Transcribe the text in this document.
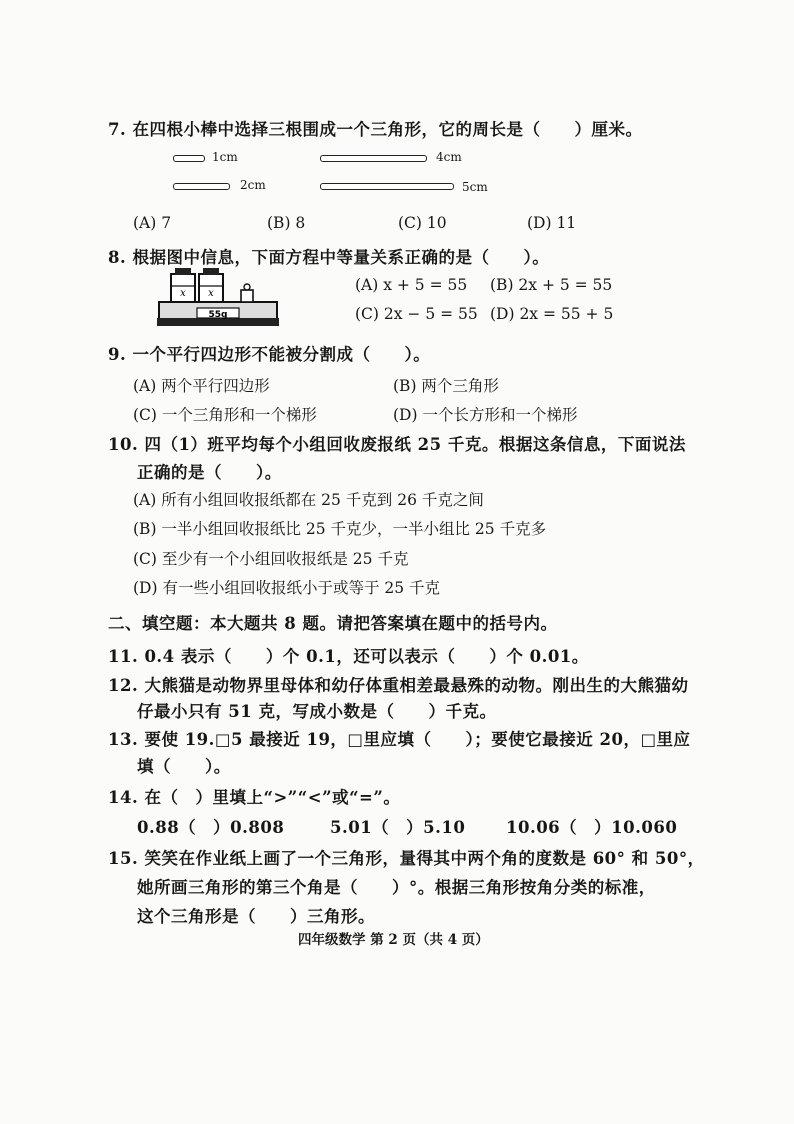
7. 在四根小棒中选择三根围成一个三角形，它的周长是（　　）厘米。
1cm	4cm
2cm	5cm
(A) 7	(B) 8	(C) 10	(D) 11
8. 根据图中信息，下面方程中等量关系正确的是（　　）。
x x
55g
(A) x + 5 = 55 (B) 2x + 5 = 55
(C) 2x − 5 = 55 (D) 2x = 55 + 5
9. 一个平行四边形不能被分割成（　　）。
(A) 两个平行四边形	(B) 两个三角形
(C) 一个三角形和一个梯形	(D) 一个长方形和一个梯形
10. 四（1）班平均每个小组回收废报纸 25 千克。根据这条信息，下面说法
正确的是（　　）。
(A) 所有小组回收报纸都在 25 千克到 26 千克之间
(B) 一半小组回收报纸比 25 千克少，一半小组比 25 千克多
(C) 至少有一个小组回收报纸是 25 千克
(D) 有一些小组回收报纸小于或等于 25 千克
二、填空题：本大题共 8 题。请把答案填在题中的括号内。
11. 0.4 表示（　　）个 0.1，还可以表示（　　）个 0.01。
12. 大熊猫是动物界里母体和幼仔体重相差最悬殊的动物。刚出生的大熊猫幼
仔最小只有 51 克，写成小数是（　　）千克。
13. 要使 19.□5 最接近 19，□里应填（　　）；要使它最接近 20，□里应
填（　　）。
14. 在（　）里填上“>”“<”或“=”。
0.88（　）0.808	5.01（　）5.10 10.06（　）10.060
15. 笑笑在作业纸上画了一个三角形，量得其中两个角的度数是 60° 和 50°，
她所画三角形的第三个角是（　　）°。根据三角形按角分类的标准，
这个三角形是（　　）三角形。
四年级数学 第 2 页（共 4 页）
